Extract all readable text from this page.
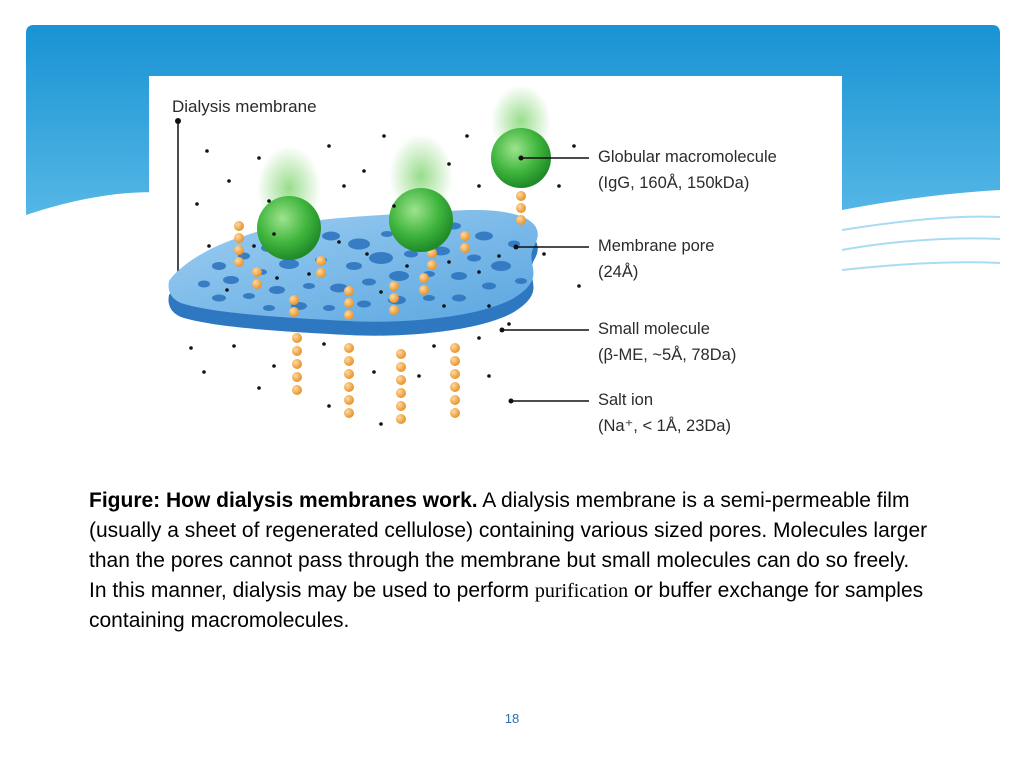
Dialysis membrane
Globular macromolecule
(IgG, 160Å, 150kDa)
Membrane pore
(24Å)
Small molecule
(β-ME, ~5Å, 78Da)
Salt ion
(Na⁺, < 1Å, 23Da)
Figure: How dialysis membranes work. A dialysis membrane is a semi-permeable film (usually a sheet of regenerated cellulose) containing various sized pores. Molecules larger than the pores cannot pass through the membrane but small molecules can do so freely. In this manner, dialysis may be used to perform purification or buffer exchange for samples containing macromolecules.
18
